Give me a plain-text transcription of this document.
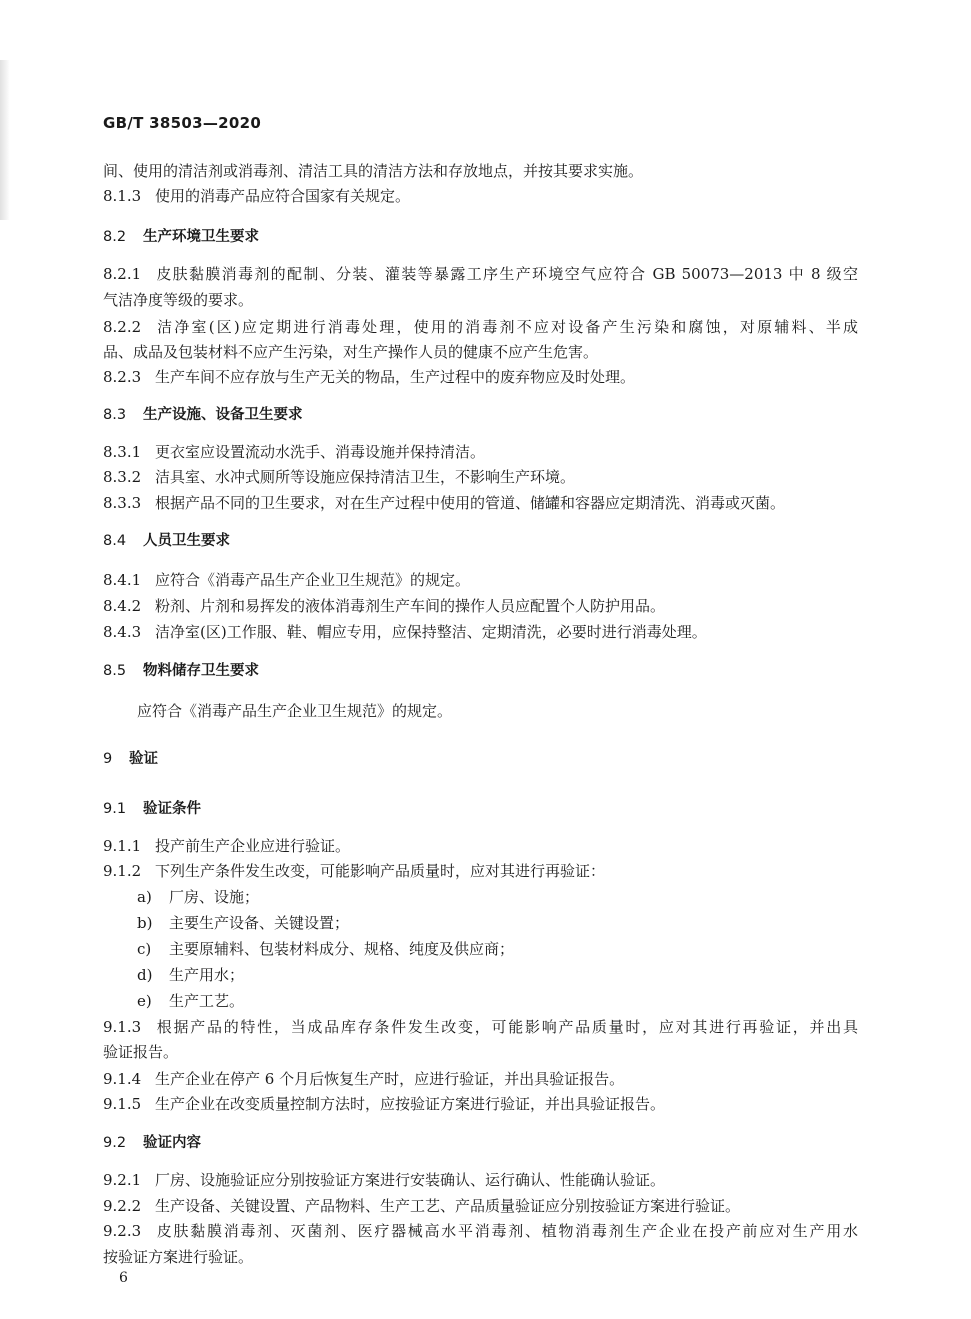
GB/T 38503—2020
间、使用的清洁剂或消毒剂、清洁工具的清洁方法和存放地点，并按其要求实施。
8.1.3 使用的消毒产品应符合国家有关规定。
8.2 生产环境卫生要求
8.2.1 皮肤黏膜消毒剂的配制、分装、灌装等暴露工序生产环境空气应符合 GB 50073—2013 中 8 级空
气洁净度等级的要求。
8.2.2 洁净室(区)应定期进行消毒处理，使用的消毒剂不应对设备产生污染和腐蚀，对原辅料、半成
品、成品及包装材料不应产生污染，对生产操作人员的健康不应产生危害。
8.2.3 生产车间不应存放与生产无关的物品，生产过程中的废弃物应及时处理。
8.3 生产设施、设备卫生要求
8.3.1 更衣室应设置流动水洗手、消毒设施并保持清洁。
8.3.2 洁具室、水冲式厕所等设施应保持清洁卫生，不影响生产环境。
8.3.3 根据产品不同的卫生要求，对在生产过程中使用的管道、储罐和容器应定期清洗、消毒或灭菌。
8.4 人员卫生要求
8.4.1 应符合《消毒产品生产企业卫生规范》的规定。
8.4.2 粉剂、片剂和易挥发的液体消毒剂生产车间的操作人员应配置个人防护用品。
8.4.3 洁净室(区)工作服、鞋、帽应专用，应保持整洁、定期清洗，必要时进行消毒处理。
8.5 物料储存卫生要求
应符合《消毒产品生产企业卫生规范》的规定。
9 验证
9.1 验证条件
9.1.1 投产前生产企业应进行验证。
9.1.2 下列生产条件发生改变，可能影响产品质量时，应对其进行再验证：
a) 厂房、设施；
b) 主要生产设备、关键设置；
c) 主要原辅料、包装材料成分、规格、纯度及供应商；
d) 生产用水；
e) 生产工艺。
9.1.3 根据产品的特性，当成品库存条件发生改变，可能影响产品质量时，应对其进行再验证，并出具
验证报告。
9.1.4 生产企业在停产 6 个月后恢复生产时，应进行验证，并出具验证报告。
9.1.5 生产企业在改变质量控制方法时，应按验证方案进行验证，并出具验证报告。
9.2 验证内容
9.2.1 厂房、设施验证应分别按验证方案进行安装确认、运行确认、性能确认验证。
9.2.2 生产设备、关键设置、产品物料、生产工艺、产品质量验证应分别按验证方案进行验证。
9.2.3 皮肤黏膜消毒剂、灭菌剂、医疗器械高水平消毒剂、植物消毒剂生产企业在投产前应对生产用水
按验证方案进行验证。
6
